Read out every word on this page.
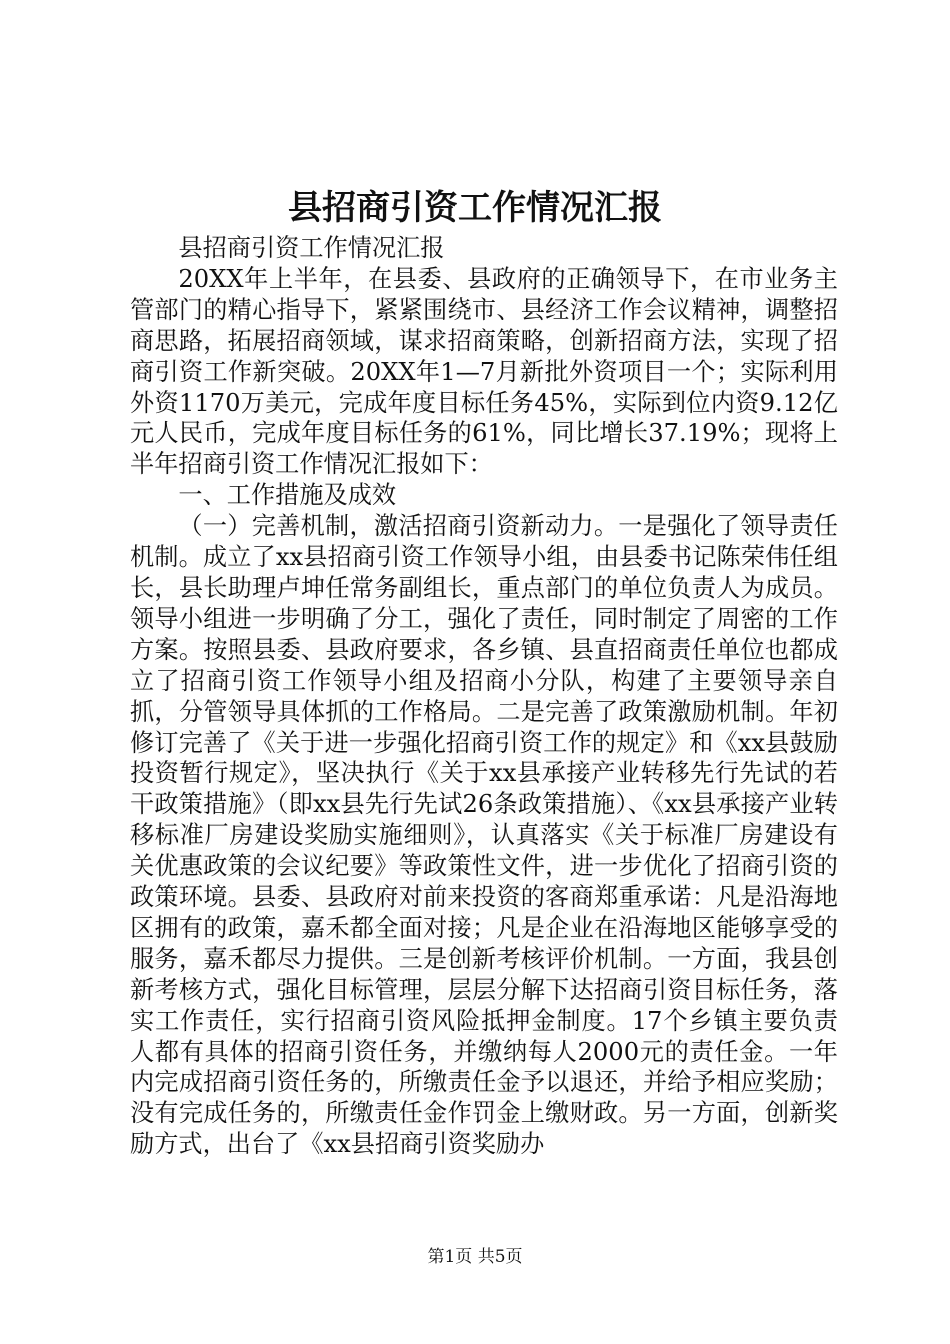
县招商引资工作情况汇报

县招商引资工作情况汇报

20XX年上半年，在县委、县政府的正确领导下，在市业务主管部门的精心指导下，紧紧围绕市、县经济工作会议精神，调整招商思路，拓展招商领域，谋求招商策略，创新招商方法，实现了招商引资工作新突破。20XX年1—7月新批外资项目一个；实际利用外资1170万美元，完成年度目标任务45%，实际到位内资9.12亿元人民币，完成年度目标任务的61%，同比增长37.19%；现将上半年招商引资工作情况汇报如下：

一、工作措施及成效

（一）完善机制，激活招商引资新动力。一是强化了领导责任机制。成立了xx县招商引资工作领导小组，由县委书记陈荣伟任组长，县长助理卢坤任常务副组长，重点部门的单位负责人为成员。领导小组进一步明确了分工，强化了责任，同时制定了周密的工作方案。按照县委、县政府要求，各乡镇、县直招商责任单位也都成立了招商引资工作领导小组及招商小分队，构建了主要领导亲自抓，分管领导具体抓的工作格局。二是完善了政策激励机制。年初修订完善了《关于进一步强化招商引资工作的规定》和《xx县鼓励投资暂行规定》，坚决执行《关于xx县承接产业转移先行先试的若干政策措施》（即xx县先行先试26条政策措施）、《xx县承接产业转移标准厂房建设奖励实施细则》，认真落实《关于标准厂房建设有关优惠政策的会议纪要》等政策性文件，进一步优化了招商引资的政策环境。县委、县政府对前来投资的客商郑重承诺：凡是沿海地区拥有的政策，嘉禾都全面对接；凡是企业在沿海地区能够享受的服务，嘉禾都尽力提供。三是创新考核评价机制。一方面，我县创新考核方式，强化目标管理，层层分解下达招商引资目标任务，落实工作责任，实行招商引资风险抵押金制度。17个乡镇主要负责人都有具体的招商引资任务，并缴纳每人2000元的责任金。一年内完成招商引资任务的，所缴责任金予以退还，并给予相应奖励；没有完成任务的，所缴责任金作罚金上缴财政。另一方面，创新奖励方式，出台了《xx县招商引资奖励办

第1页 共5页
